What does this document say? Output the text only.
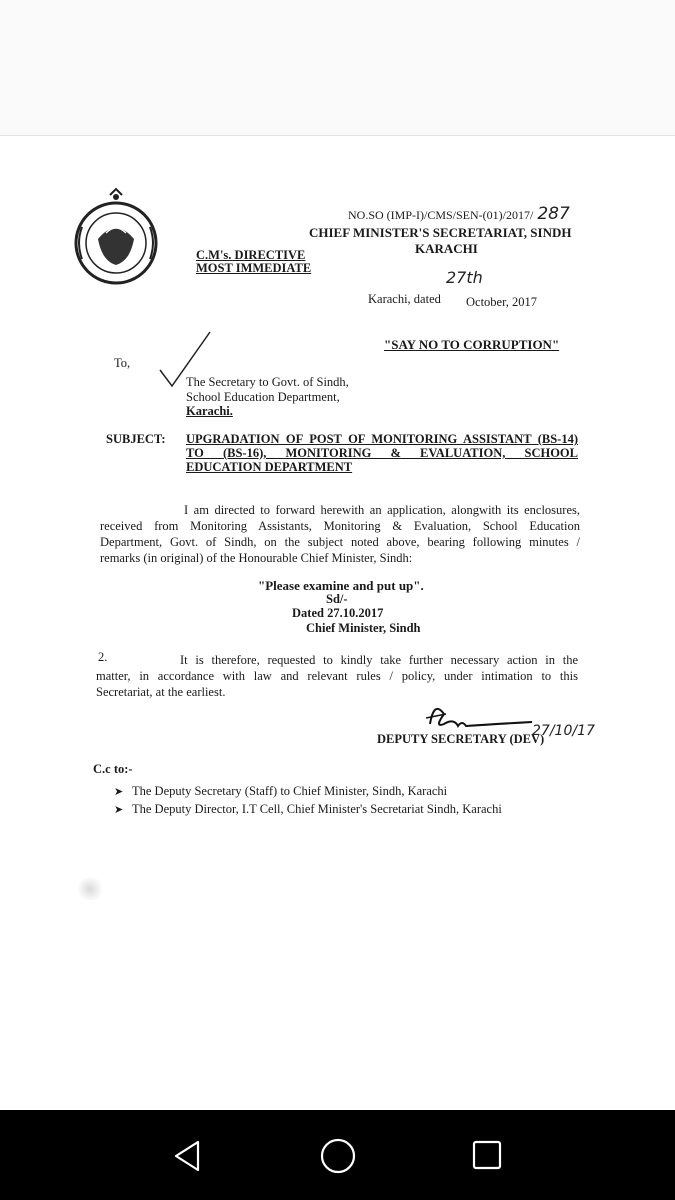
NO.SO (IMP-I)/CMS/SEN-(01)/2017/ 287
CHIEF MINISTER'S SECRETARIAT, SINDH
KARACHI
C.M's. DIRECTIVE
MOST IMMEDIATE	27th
Karachi, dated October, 2017
"SAY NO TO CORRUPTION"
To,
The Secretary to Govt. of Sindh,
School Education Department,
Karachi.
SUBJECT: UPGRADATION OF POST OF MONITORING ASSISTANT (BS-14)
TO (BS-16), MONITORING & EVALUATION, SCHOOL
EDUCATION DEPARTMENT
I am directed to forward herewith an application, alongwith its enclosures,
received from Monitoring Assistants, Monitoring & Evaluation, School Education
Department, Govt. of Sindh, on the subject noted above, bearing following minutes /
remarks (in original) of the Honourable Chief Minister, Sindh:
"Please examine and put up".
Sd/-
Dated 27.10.2017
Chief Minister, Sindh
2.	It is therefore, requested to kindly take further necessary action in the
matter, in accordance with law and relevant rules / policy, under intimation to this
Secretariat, at the earliest.
27/10/17
DEPUTY SECRETARY (DEV)
C.c to:-
➤ The Deputy Secretary (Staff) to Chief Minister, Sindh, Karachi
➤ The Deputy Director, I.T Cell, Chief Minister's Secretariat Sindh, Karachi
